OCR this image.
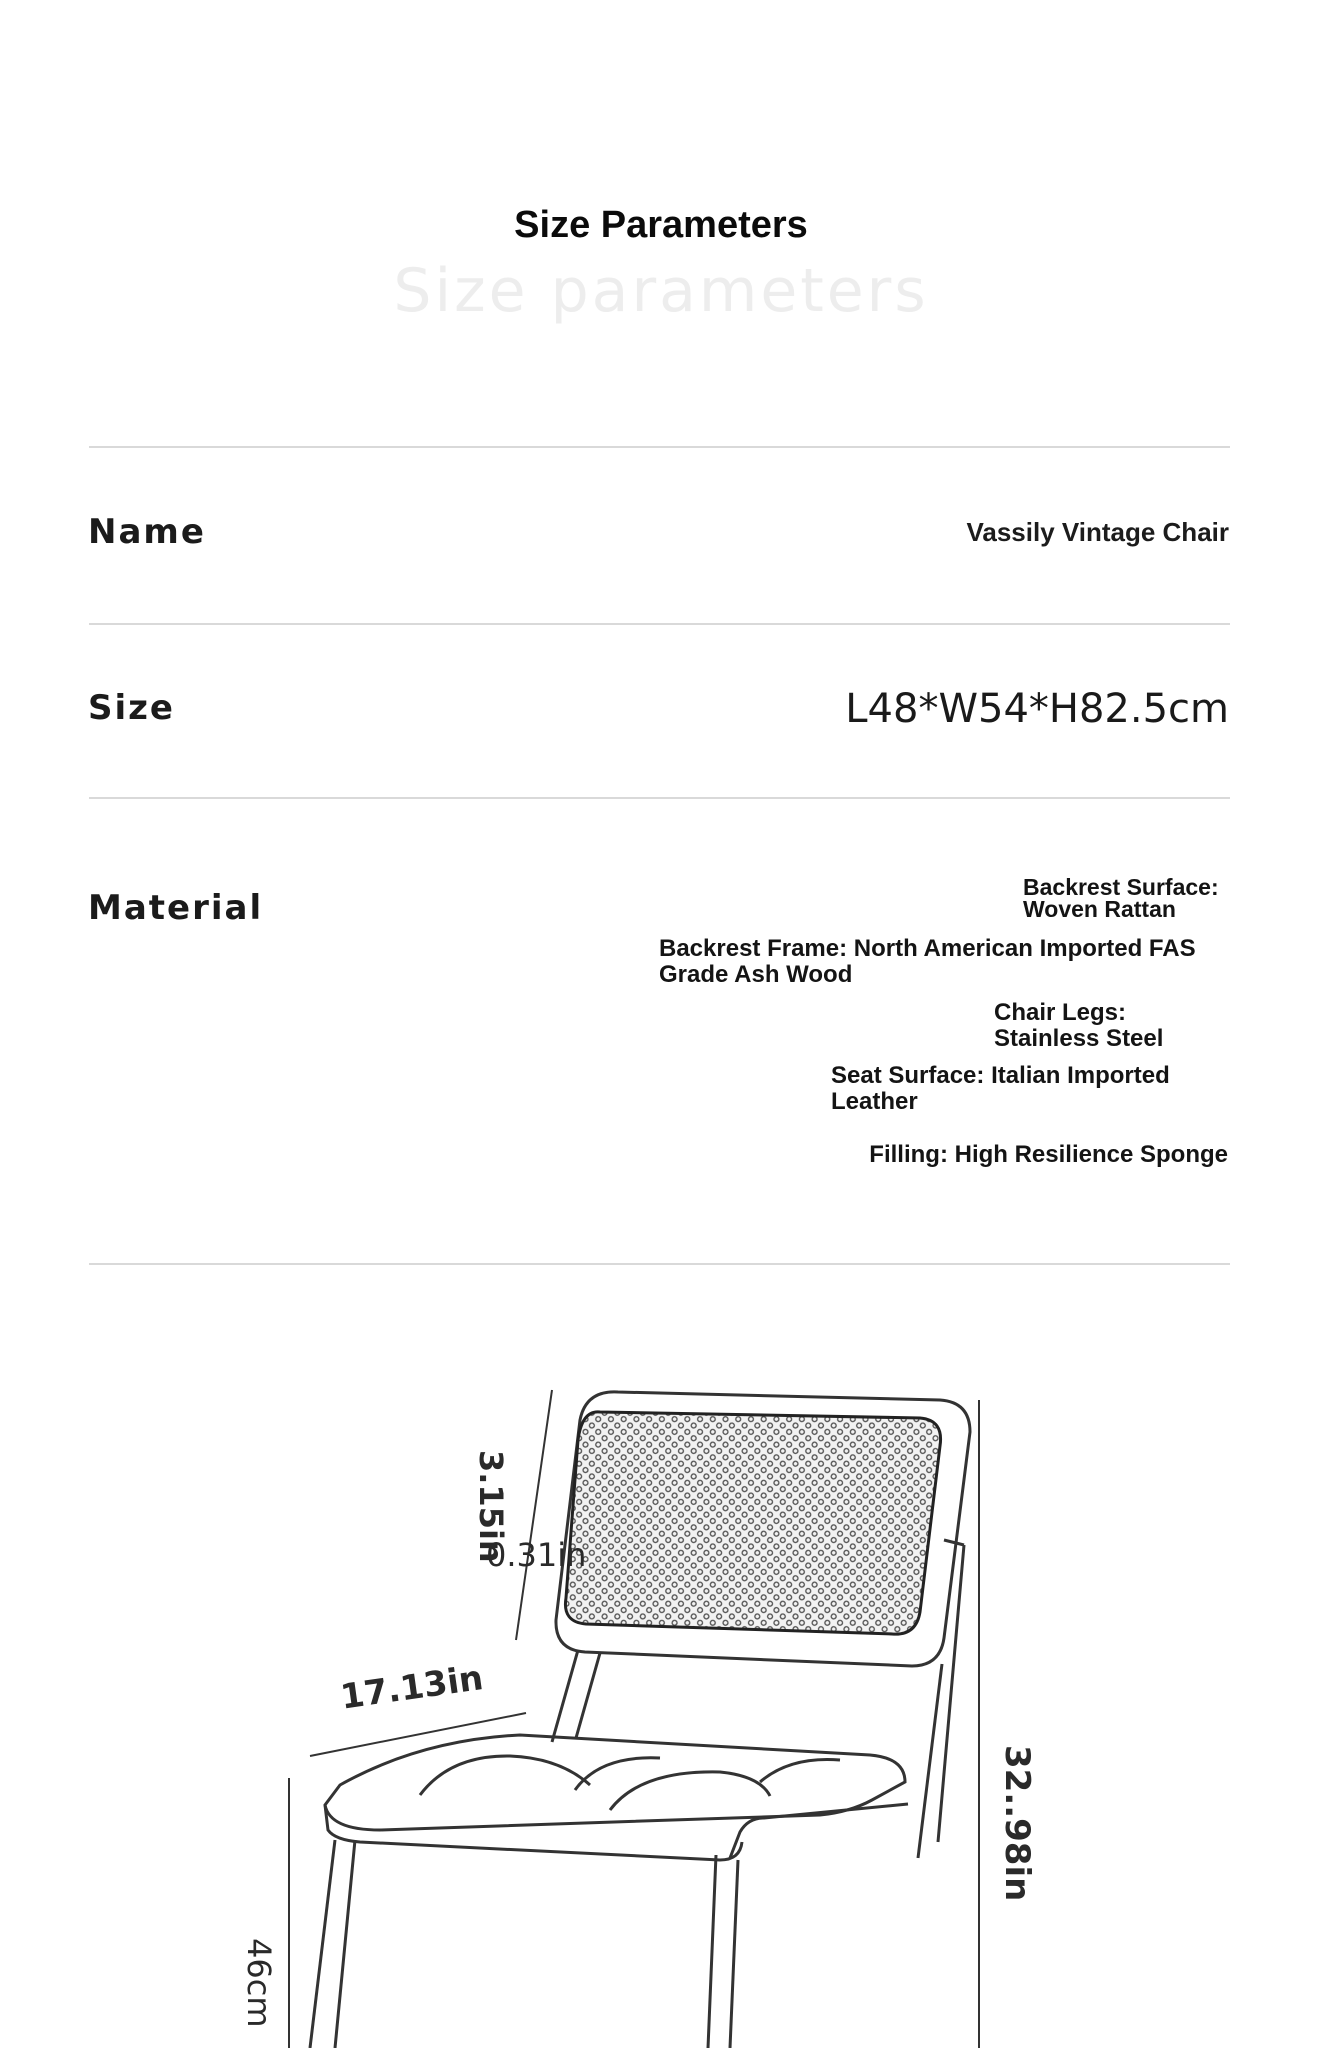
Size Parameters
Size parameters
Name	Vassily Vintage Chair
Size	L48*W54*H82.5cm
Material
Backrest Surface: Woven Rattan
Backrest Frame: North American Imported FAS Grade Ash Wood
Chair Legs: Stainless Steel
Seat Surface: Italian Imported Leather
Filling: High Resilience Sponge
3.15in
0.31in
17.13in
32..98in
46cm
